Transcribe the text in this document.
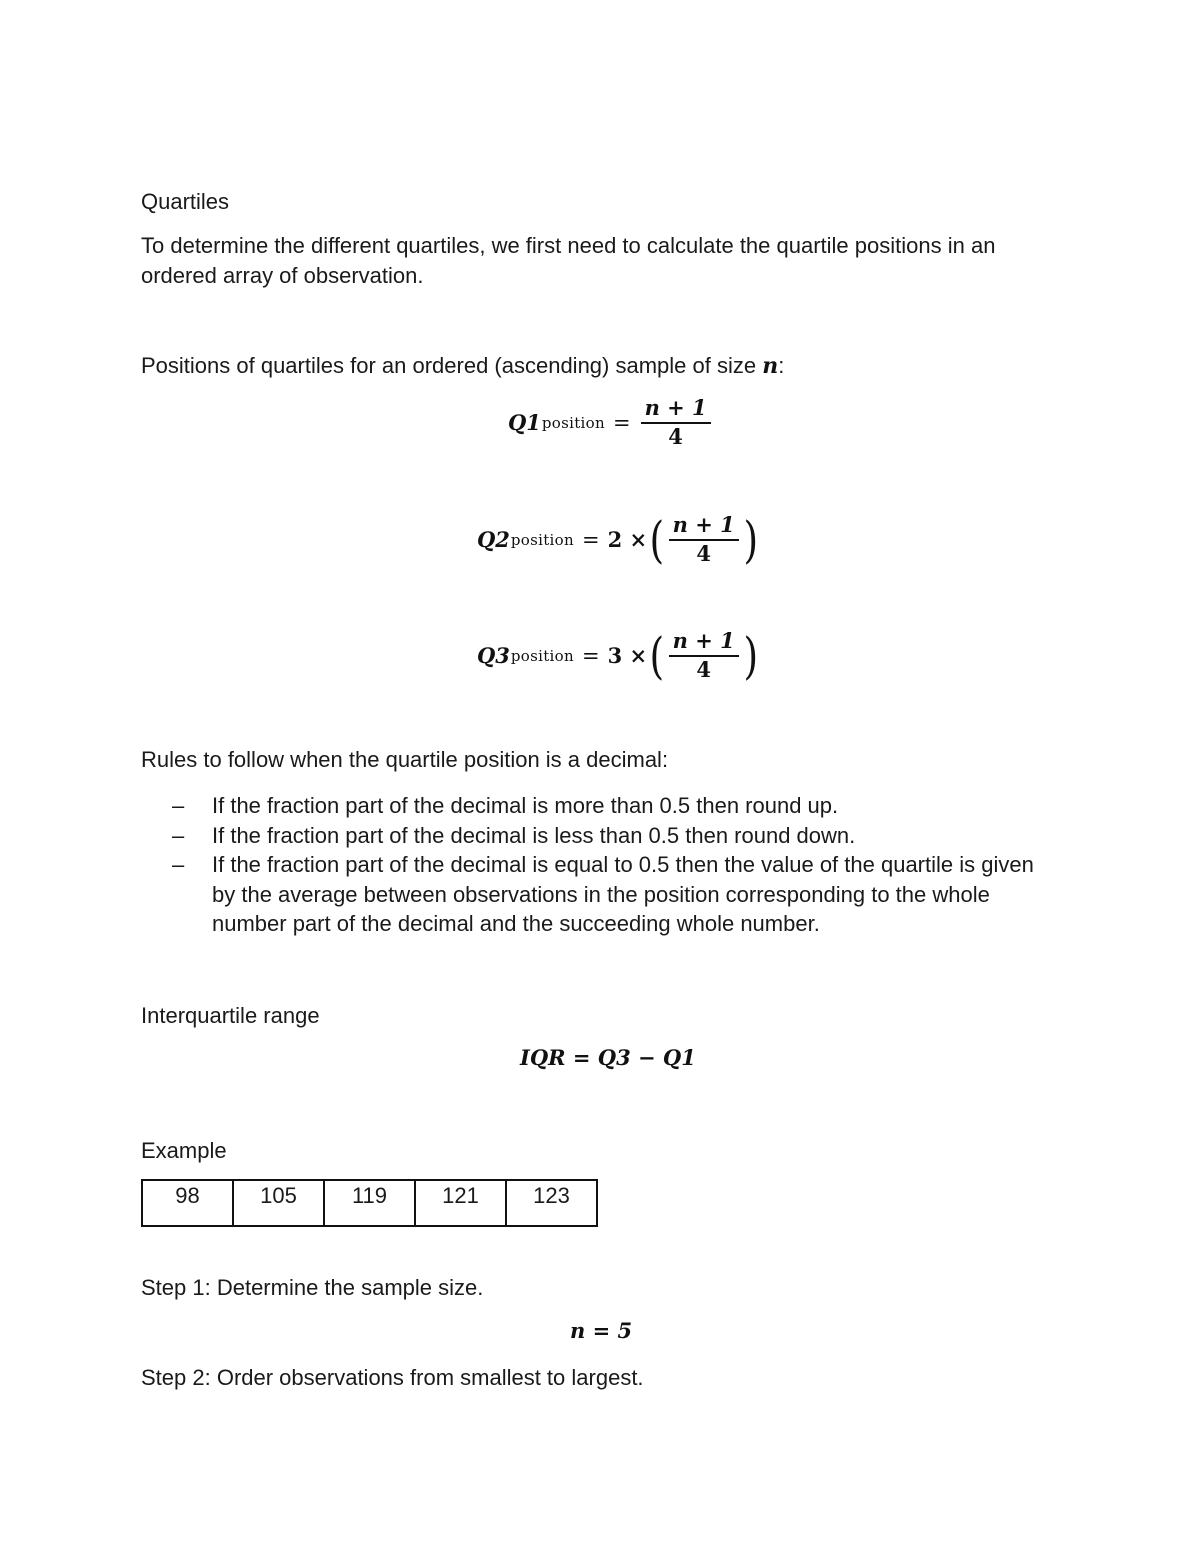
Quartiles
To determine the different quartiles, we first need to calculate the quartile positions in an
ordered array of observation.
Positions of quartiles for an ordered (ascending) sample of size n:
Q1 position = $\frac{n + 1}{4}$
Q2 position = 2 × ( $\frac{n + 1}{4}$ )
Q3 position = 3 × ( $\frac{n + 1}{4}$ )
Rules to follow when the quartile position is a decimal:
–	If the fraction part of the decimal is more than 0.5 then round up.
–	If the fraction part of the decimal is less than 0.5 then round down.
–	If the fraction part of the decimal is equal to 0.5 then the value of the quartile is given by the average between observations in the position corresponding to the whole number part of the decimal and the succeeding whole number.
Interquartile range
IQR = Q3 − Q1
Example
98	105	119	121	123
Step 1: Determine the sample size.
n = 5
Step 2: Order observations from smallest to largest.
